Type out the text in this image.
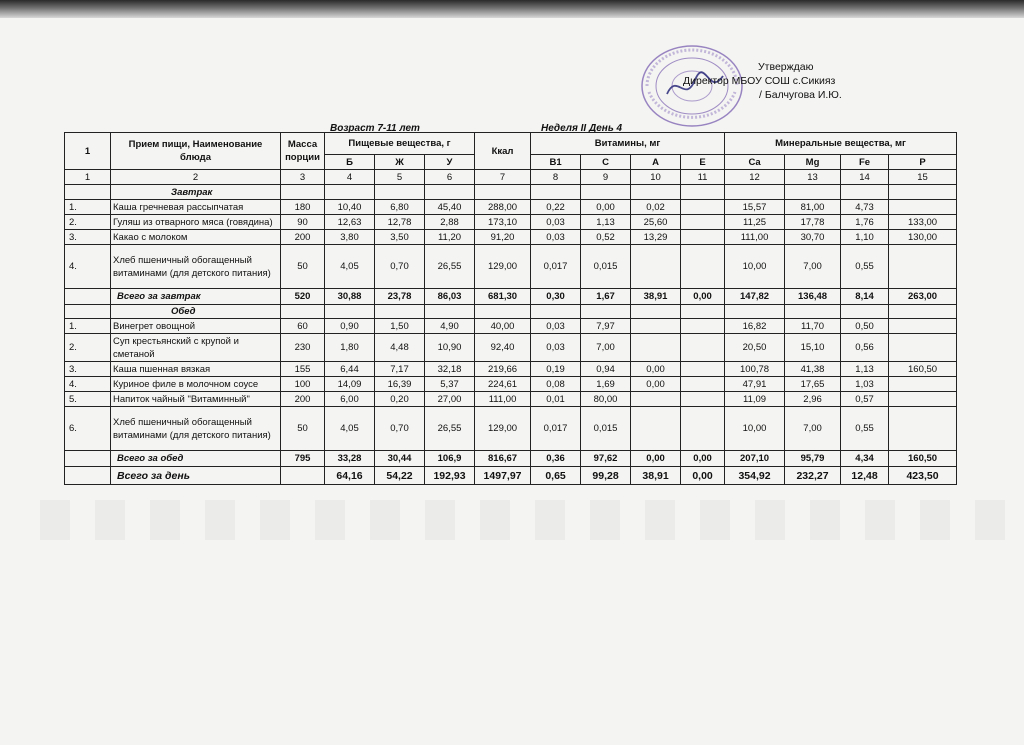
Утверждаю
Директор МБОУ СОШ с.Сикияз
/ Балчугова И.Ю.
Возраст 7-11 лет	Неделя II День 4
1	Прием пищи, Наименование блюда	Масса порции	Пищевые вещества, г			Ккал	Витамины, мг				Минеральные вещества, мг			
			Б	Ж	У		В1	С	А	Е	Ca	Mg	Fe	P
1	2	3	4	5	6	7	8	9	10	11	12	13	14	15
	Завтрак													
1.	Каша гречневая рассыпчатая	180	10,40	6,80	45,40	288,00	0,22	0,00	0,02		15,57	81,00	4,73	
2.	Гуляш из отварного мяса (говядина)	90	12,63	12,78	2,88	173,10	0,03	1,13	25,60		11,25	17,78	1,76	133,00
3.	Какао с молоком	200	3,80	3,50	11,20	91,20	0,03	0,52	13,29		111,00	30,70	1,10	130,00
4.	Хлеб пшеничный обогащенный витаминами (для детского питания)	50	4,05	0,70	26,55	129,00	0,017	0,015			10,00	7,00	0,55	
	Всего за завтрак	520	30,88	23,78	86,03	681,30	0,30	1,67	38,91	0,00	147,82	136,48	8,14	263,00
	Обед													
1.	Винегрет овощной	60	0,90	1,50	4,90	40,00	0,03	7,97			16,82	11,70	0,50	
2.	Суп крестьянский с крупой и сметаной	230	1,80	4,48	10,90	92,40	0,03	7,00			20,50	15,10	0,56	
3.	Каша пшенная вязкая	155	6,44	7,17	32,18	219,66	0,19	0,94	0,00		100,78	41,38	1,13	160,50
4.	Куриное филе в молочном соусе	100	14,09	16,39	5,37	224,61	0,08	1,69	0,00		47,91	17,65	1,03	
5.	Напиток чайный "Витаминный"	200	6,00	0,20	27,00	111,00	0,01	80,00			11,09	2,96	0,57	
6.	Хлеб пшеничный обогащенный витаминами (для детского питания)	50	4,05	0,70	26,55	129,00	0,017	0,015			10,00	7,00	0,55	
	Всего за обед	795	33,28	30,44	106,9	816,67	0,36	97,62	0,00	0,00	207,10	95,79	4,34	160,50
	Всего за день		64,16	54,22	192,93	1497,97	0,65	99,28	38,91	0,00	354,92	232,27	12,48	423,50
